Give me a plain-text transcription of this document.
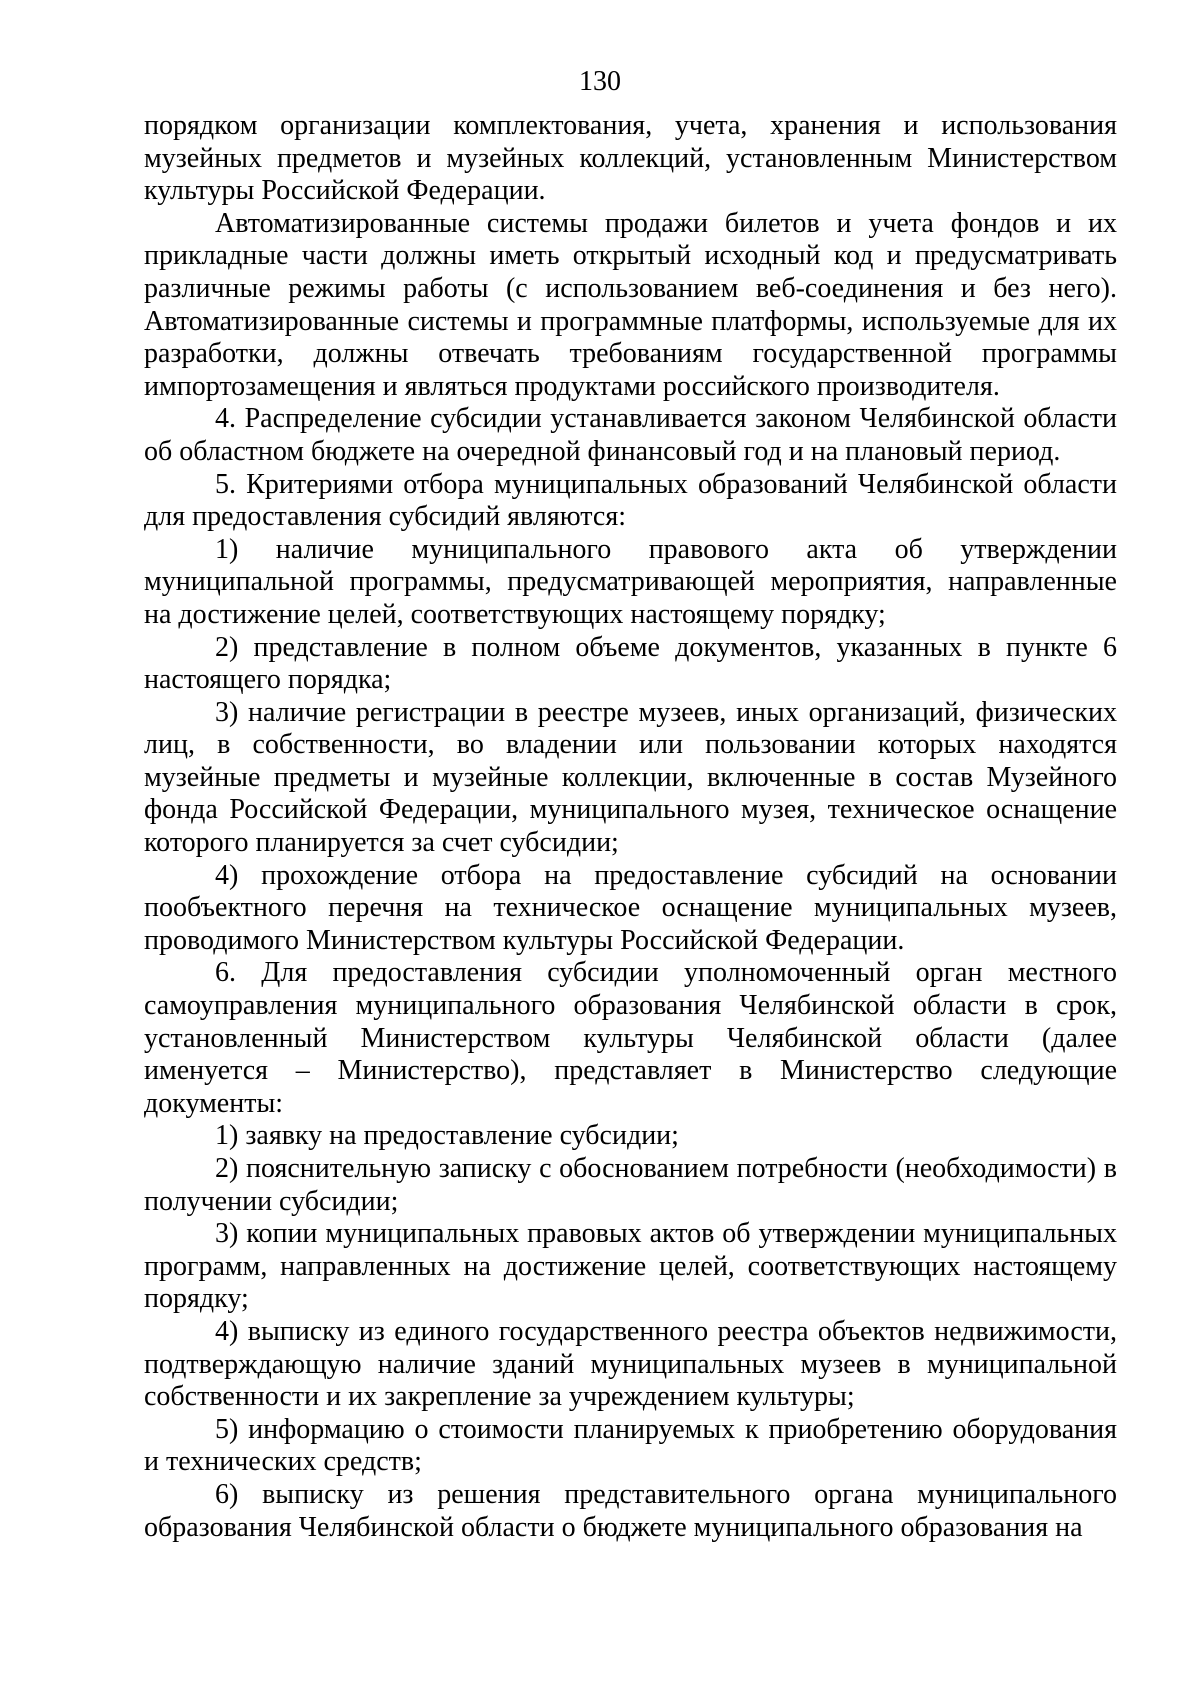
130

порядком организации комплектования, учета, хранения и использования музейных предметов и музейных коллекций, установленным Министерством культуры Российской Федерации.

Автоматизированные системы продажи билетов и учета фондов и их прикладные части должны иметь открытый исходный код и предусматривать различные режимы работы (с использованием веб-соединения и без него). Автоматизированные системы и программные платформы, используемые для их разработки, должны отвечать требованиям государственной программы импортозамещения и являться продуктами российского производителя.

4. Распределение субсидии устанавливается законом Челябинской области об областном бюджете на очередной финансовый год и на плановый период.

5. Критериями отбора муниципальных образований Челябинской области для предоставления субсидий являются:

1) наличие муниципального правового акта об утверждении муниципальной программы, предусматривающей мероприятия, направленные на достижение целей, соответствующих настоящему порядку;

2) представление в полном объеме документов, указанных в пункте 6 настоящего порядка;

3) наличие регистрации в реестре музеев, иных организаций, физических лиц, в собственности, во владении или пользовании которых находятся музейные предметы и музейные коллекции, включенные в состав Музейного фонда Российской Федерации, муниципального музея, техническое оснащение которого планируется за счет субсидии;

4) прохождение отбора на предоставление субсидий на основании пообъектного перечня на техническое оснащение муниципальных музеев, проводимого Министерством культуры Российской Федерации.

6. Для предоставления субсидии уполномоченный орган местного самоуправления муниципального образования Челябинской области в срок, установленный Министерством культуры Челябинской области (далее именуется – Министерство), представляет в Министерство следующие документы:

1) заявку на предоставление субсидии;

2) пояснительную записку с обоснованием потребности (необходимости) в получении субсидии;

3) копии муниципальных правовых актов об утверждении муниципальных программ, направленных на достижение целей, соответствующих настоящему порядку;

4) выписку из единого государственного реестра объектов недвижимости, подтверждающую наличие зданий муниципальных музеев в муниципальной собственности и их закрепление за учреждением культуры;

5) информацию о стоимости планируемых к приобретению оборудования и технических средств;

6) выписку из решения представительного органа муниципального образования Челябинской области о бюджете муниципального образования на
